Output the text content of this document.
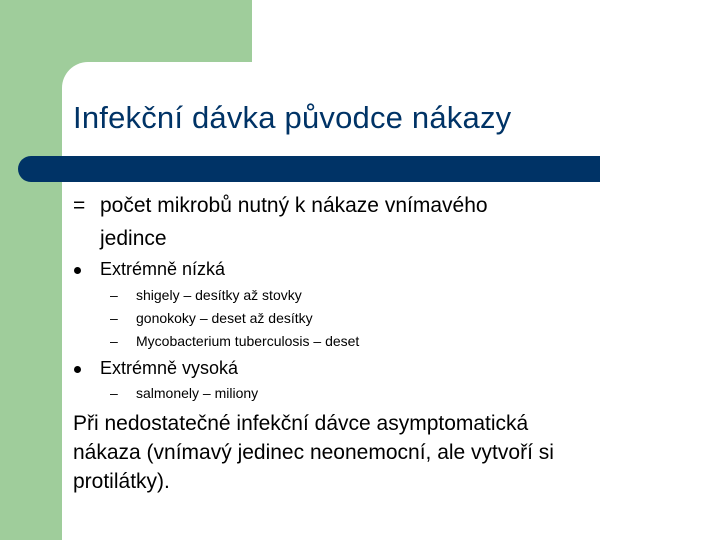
Infekční dávka původce nákazy
= počet mikrobů nutný k nákaze vnímavého
jedince
Extrémně nízká
– shigely – desítky až stovky
– gonokoky – deset až desítky
– Mycobacterium tuberculosis – deset
Extrémně vysoká
– salmonely – miliony
Při nedostatečné infekční dávce asymptomatická
nákaza (vnímavý jedinec neonemocní, ale vytvoří si
protilátky).
